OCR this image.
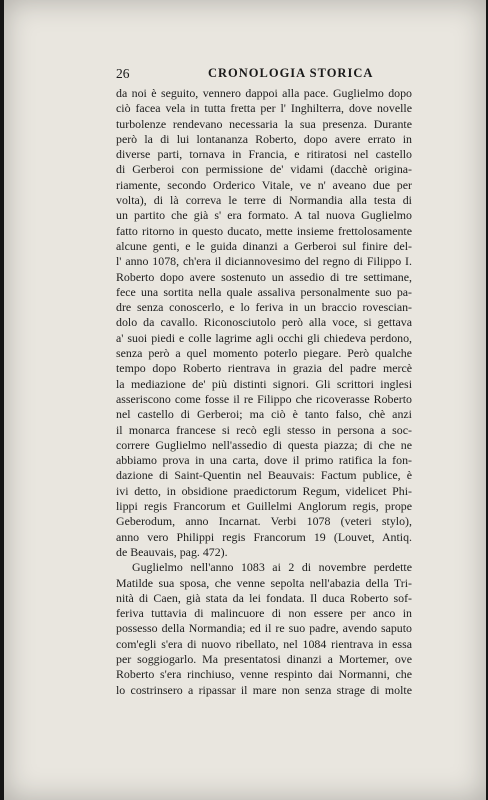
26	CRONOLOGIA STORICA
da noi è seguito, vennero dappoi alla pace. Guglielmo dopo
ciò facea vela in tutta fretta per l' Inghilterra, dove novelle
turbolenze rendevano necessaria la sua presenza. Durante
però la di lui lontananza Roberto, dopo avere errato in
diverse parti, tornava in Francia, e ritiratosi nel castello
di Gerberoi con permissione de' vidami (dacchè origina-
riamente, secondo Orderico Vitale, ve n' aveano due per
volta), di là correva le terre di Normandia alla testa di
un partito che già s' era formato. A tal nuova Guglielmo
fatto ritorno in questo ducato, mette insieme frettolosamente
alcune genti, e le guida dinanzi a Gerberoi sul finire del-
l' anno 1078, ch'era il diciannovesimo del regno di Filippo I.
Roberto dopo avere sostenuto un assedio di tre settimane,
fece una sortita nella quale assaliva personalmente suo pa-
dre senza conoscerlo, e lo feriva in un braccio rovescian-
dolo da cavallo. Riconosciutolo però alla voce, si gettava
a' suoi piedi e colle lagrime agli occhi gli chiedeva perdono,
senza però a quel momento poterlo piegare. Però qualche
tempo dopo Roberto rientrava in grazia del padre mercè
la mediazione de' più distinti signori. Gli scrittori inglesi
asseriscono come fosse il re Filippo che ricoverasse Roberto
nel castello di Gerberoi; ma ciò è tanto falso, chè anzi
il monarca francese si recò egli stesso in persona a soc-
correre Guglielmo nell'assedio di questa piazza; di che ne
abbiamo prova in una carta, dove il primo ratifica la fon-
dazione di Saint-Quentin nel Beauvais: Factum publice, è
ivi detto, in obsidione praedictorum Regum, videlicet Phi-
lippi regis Francorum et Guillelmi Anglorum regis, prope
Geberodum, anno Incarnat. Verbi 1078 (veteri stylo),
anno vero Philippi regis Francorum 19 (Louvet, Antiq.
de Beauvais, pag. 472).
Guglielmo nell'anno 1083 ai 2 di novembre perdette
Matilde sua sposa, che venne sepolta nell'abazia della Tri-
nità di Caen, già stata da lei fondata. Il duca Roberto sof-
feriva tuttavia di malincuore di non essere per anco in
possesso della Normandia; ed il re suo padre, avendo saputo
com'egli s'era di nuovo ribellato, nel 1084 rientrava in essa
per soggiogarlo. Ma presentatosi dinanzi a Mortemer, ove
Roberto s'era rinchiuso, venne respinto dai Normanni, che
lo costrinsero a ripassar il mare non senza strage di molte
